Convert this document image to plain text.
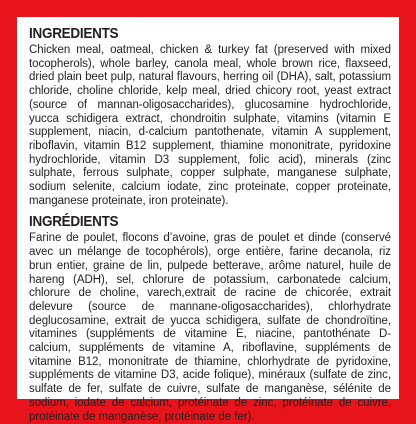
INGREDIENTS

Chicken meal, oatmeal, chicken & turkey fat (preserved with mixed tocopherols), whole barley, canola meal, whole brown rice, flaxseed, dried plain beet pulp, natural flavours, herring oil (DHA), salt, potassium chloride, choline chloride, kelp meal, dried chicory root, yeast extract (source of mannan-oligosaccharides), glucosamine hydrochloride, yucca schidigera extract, chondroitin sulphate, vitamins (vitamin E supplement, niacin, d-calcium pantothenate, vitamin A supplement, riboflavin, vitamin B12 supplement, thiamine mononitrate, pyridoxine hydrochloride, vitamin D3 supplement, folic acid), minerals (zinc sulphate, ferrous sulphate, copper sulphate, manganese sulphate, sodium selenite, calcium iodate, zinc proteinate, copper proteinate, manganese proteinate, iron proteinate).

INGRÉDIENTS

Farine de poulet, flocons d’avoine, gras de poulet et dinde (conservé avec un mélange de tocophérols), orge entière, farine decanola, riz brun entier, graine de lin, pulpede betterave, arôme naturel, huile de hareng (ADH), sel, chlorure de potassium, carbonatede calcium, chlorure de choline, varech,extrait de racine de chicorée, extrait delevure (source de mannane-oligosaccharides), chlorhydrate deglucosamine, extrait de yucca schidigera, sulfate de chondroïtine, vitamines (suppléments de vitamine E, niacine, pantothénate D-calcium, suppléments de vitamine A, riboflavine, suppléments de vitamine B12, mononitrate de thiamine, chlorhydrate de pyridoxine, suppléments de vitamine D3, acide folique), minéraux (sulfate de zinc, sulfate de fer, sulfate de cuivre, sulfate de manganèse, sélénite de sodium, iodate de calcium, protéinate de zinc, protéinate de cuivre, protéinate de manganèse, protéinate de fer).
